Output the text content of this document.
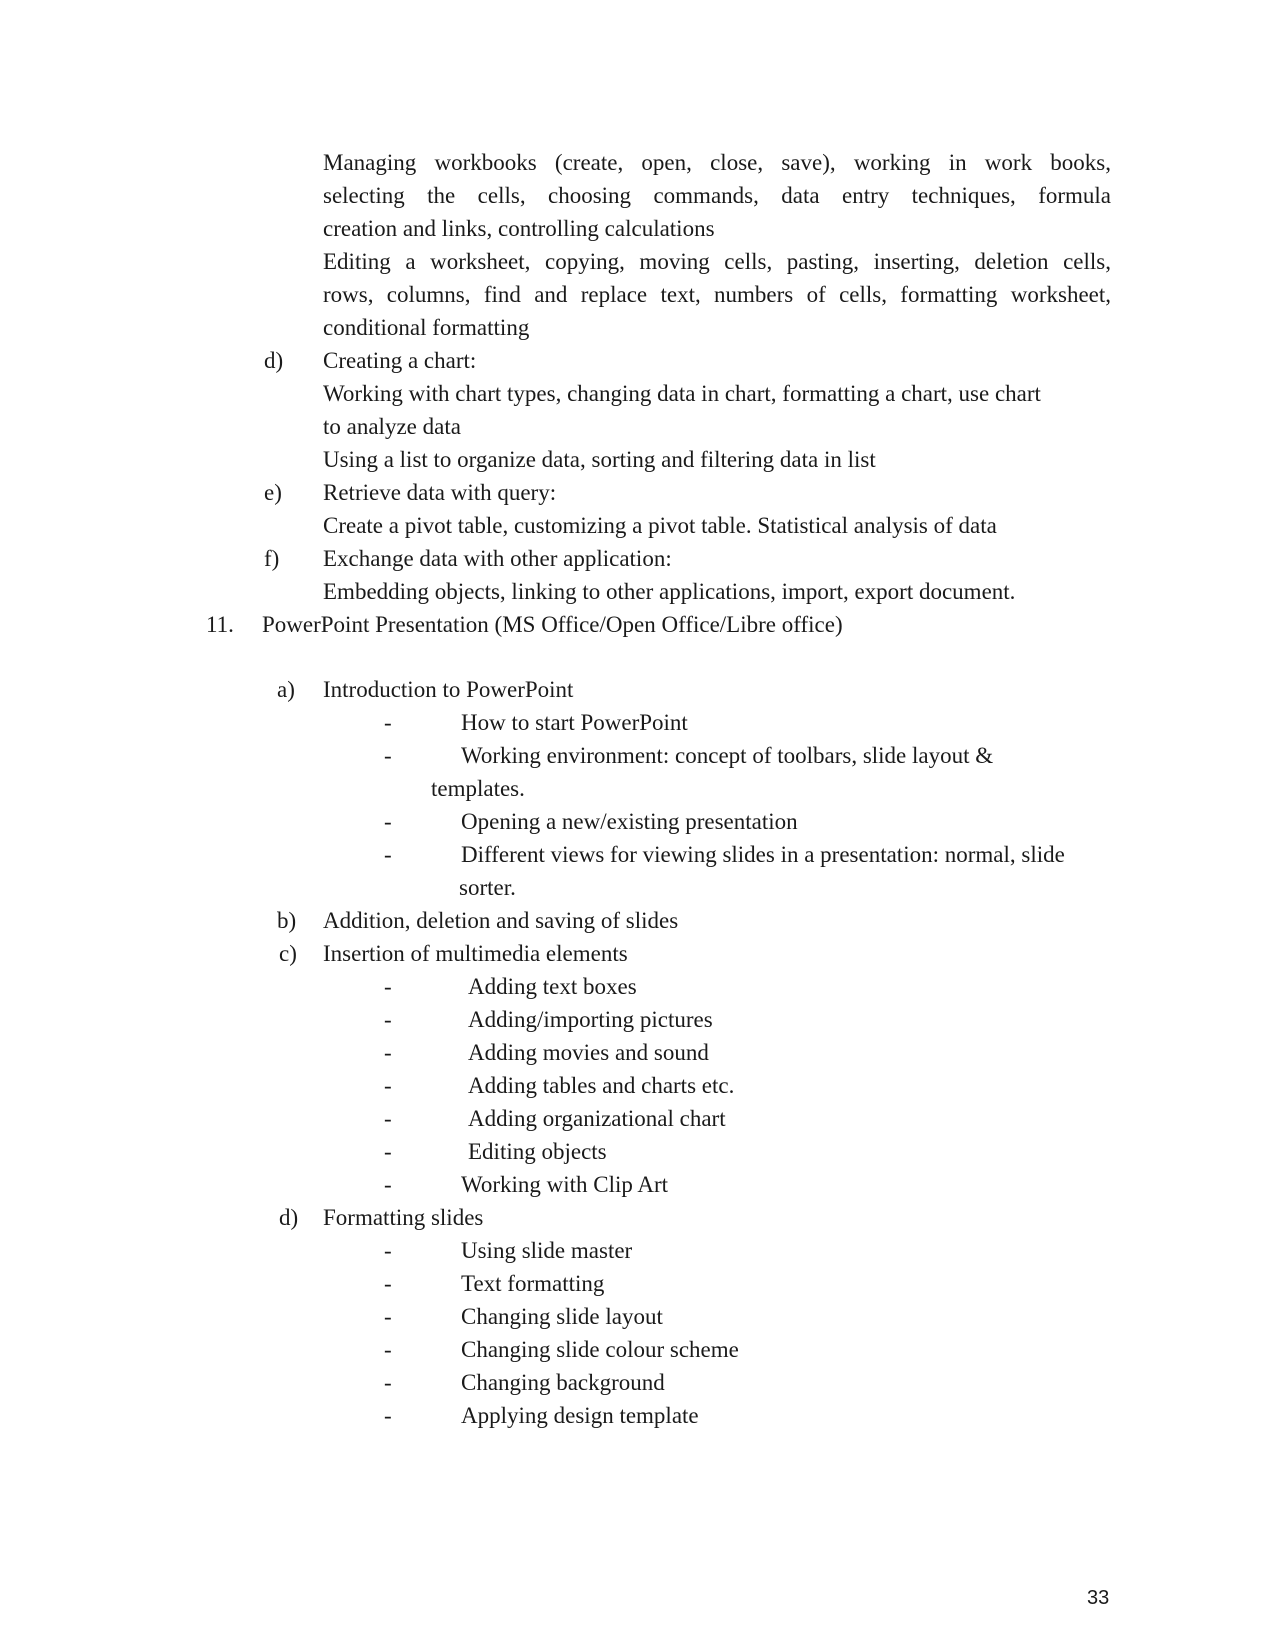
Managing workbooks (create, open, close, save), working in work books,
selecting the cells, choosing commands, data entry techniques, formula
creation and links, controlling calculations
Editing a worksheet, copying, moving cells, pasting, inserting, deletion cells,
rows, columns, find and replace text, numbers of cells, formatting worksheet,
conditional formatting
d) Creating a chart:
Working with chart types, changing data in chart, formatting a chart, use chart
to analyze data
Using a list to organize data, sorting and filtering data in list
e) Retrieve data with query:
Create a pivot table, customizing a pivot table. Statistical analysis of data
f) Exchange data with other application:
Embedding objects, linking to other applications, import, export document.
11. PowerPoint Presentation (MS Office/Open Office/Libre office)
a) Introduction to PowerPoint
-	How to start PowerPoint
-	Working environment: concept of toolbars, slide layout &
templates.
-	Opening a new/existing presentation
-	Different views for viewing slides in a presentation: normal, slide
sorter.
b) Addition, deletion and saving of slides
c) Insertion of multimedia elements
-	Adding text boxes
-	Adding/importing pictures
-	Adding movies and sound
-	Adding tables and charts etc.
-	Adding organizational chart
-	Editing objects
-	Working with Clip Art
d) Formatting slides
-	Using slide master
-	Text formatting
-	Changing slide layout
-	Changing slide colour scheme
-	Changing background
-	Applying design template
33
